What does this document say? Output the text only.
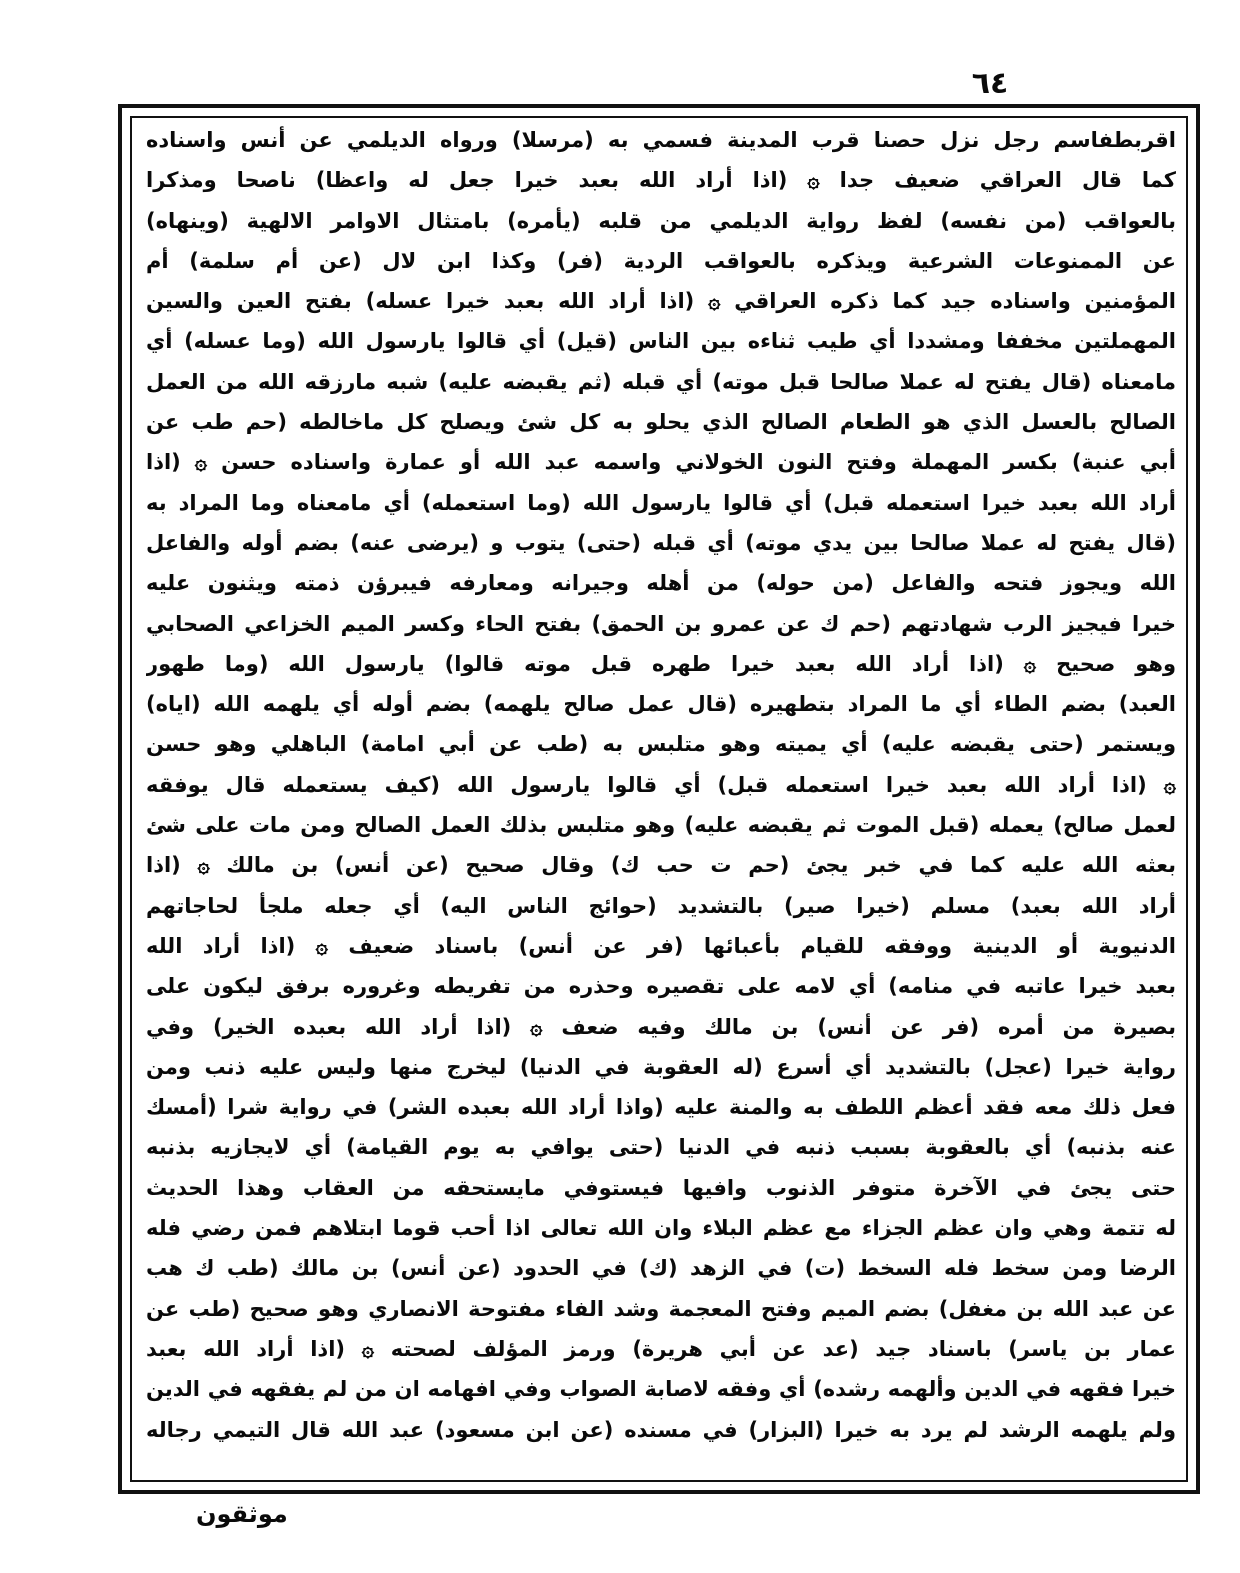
٦٤
اقربطفاسم رجل نزل حصنا قرب المدينة فسمي به (مرسلا) ورواه الديلمي عن أنس واسناده
كما قال العراقي ضعيف جدا ۞ (اذا أراد الله بعبد خيرا جعل له واعظا) ناصحا ومذكرا
بالعواقب (من نفسه) لفظ رواية الديلمي من قلبه (يأمره) بامتثال الاوامر الالهية (وينهاه)
عن الممنوعات الشرعية ويذكره بالعواقب الردية (فر) وكذا ابن لال (عن أم سلمة) أم
المؤمنين واسناده جيد كما ذكره العراقي ۞ (اذا أراد الله بعبد خيرا عسله) بفتح العين والسين
المهملتين مخففا ومشددا أي طيب ثناءه بين الناس (قيل) أي قالوا يارسول الله (وما عسله) أي
مامعناه (قال يفتح له عملا صالحا قبل موته) أي قبله (ثم يقبضه عليه) شبه مارزقه الله من العمل
الصالح بالعسل الذي هو الطعام الصالح الذي يحلو به كل شئ ويصلح كل ماخالطه (حم طب عن
أبي عنبة) بكسر المهملة وفتح النون الخولاني واسمه عبد الله أو عمارة واسناده حسن ۞ (اذا
أراد الله بعبد خيرا استعمله قبل) أي قالوا يارسول الله (وما استعمله) أي مامعناه وما المراد به
(قال يفتح له عملا صالحا بين يدي موته) أي قبله (حتى) يتوب و (يرضى عنه) بضم أوله والفاعل
الله ويجوز فتحه والفاعل (من حوله) من أهله وجيرانه ومعارفه فيبرؤن ذمته ويثنون عليه
خيرا فيجيز الرب شهادتهم (حم ك عن عمرو بن الحمق) بفتح الحاء وكسر الميم الخزاعي الصحابي
وهو صحيح ۞ (اذا أراد الله بعبد خيرا طهره قبل موته قالوا) يارسول الله (وما طهور
العبد) بضم الطاء أي ما المراد بتطهيره (قال عمل صالح يلهمه) بضم أوله أي يلهمه الله (اياه)
ويستمر (حتى يقبضه عليه) أي يميته وهو متلبس به (طب عن أبي امامة) الباهلي وهو حسن
۞ (اذا أراد الله بعبد خيرا استعمله قبل) أي قالوا يارسول الله (كيف يستعمله قال يوفقه
لعمل صالح) يعمله (قبل الموت ثم يقبضه عليه) وهو متلبس بذلك العمل الصالح ومن مات على شئ
بعثه الله عليه كما في خبر يجئ (حم ت حب ك) وقال صحيح (عن أنس) بن مالك ۞ (اذا
أراد الله بعبد) مسلم (خيرا صير) بالتشديد (حوائج الناس اليه) أي جعله ملجأ لحاجاتهم
الدنيوية أو الدينية ووفقه للقيام بأعبائها (فر عن أنس) باسناد ضعيف ۞ (اذا أراد الله
بعبد خيرا عاتبه في منامه) أي لامه على تقصيره وحذره من تفريطه وغروره برفق ليكون على
بصيرة من أمره (فر عن أنس) بن مالك وفيه ضعف ۞ (اذا أراد الله بعبده الخير) وفي
رواية خيرا (عجل) بالتشديد أي أسرع (له العقوبة في الدنيا) ليخرج منها وليس عليه ذنب ومن
فعل ذلك معه فقد أعظم اللطف به والمنة عليه (واذا أراد الله بعبده الشر) في رواية شرا (أمسك
عنه بذنبه) أي بالعقوبة بسبب ذنبه في الدنيا (حتى يوافي به يوم القيامة) أي لايجازيه بذنبه
حتى يجئ في الآخرة متوفر الذنوب وافيها فيستوفي مايستحقه من العقاب وهذا الحديث
له تتمة وهي وان عظم الجزاء مع عظم البلاء وان الله تعالى اذا أحب قوما ابتلاهم فمن رضي فله
الرضا ومن سخط فله السخط (ت) في الزهد (ك) في الحدود (عن أنس) بن مالك (طب ك هب
عن عبد الله بن مغفل) بضم الميم وفتح المعجمة وشد الفاء مفتوحة الانصاري وهو صحيح (طب عن
عمار بن ياسر) باسناد جيد (عد عن أبي هريرة) ورمز المؤلف لصحته ۞ (اذا أراد الله بعبد
خيرا فقهه في الدين وألهمه رشده) أي وفقه لاصابة الصواب وفي افهامه ان من لم يفقهه في الدين
ولم يلهمه الرشد لم يرد به خيرا (البزار) في مسنده (عن ابن مسعود) عبد الله قال التيمي رجاله
موثقون
